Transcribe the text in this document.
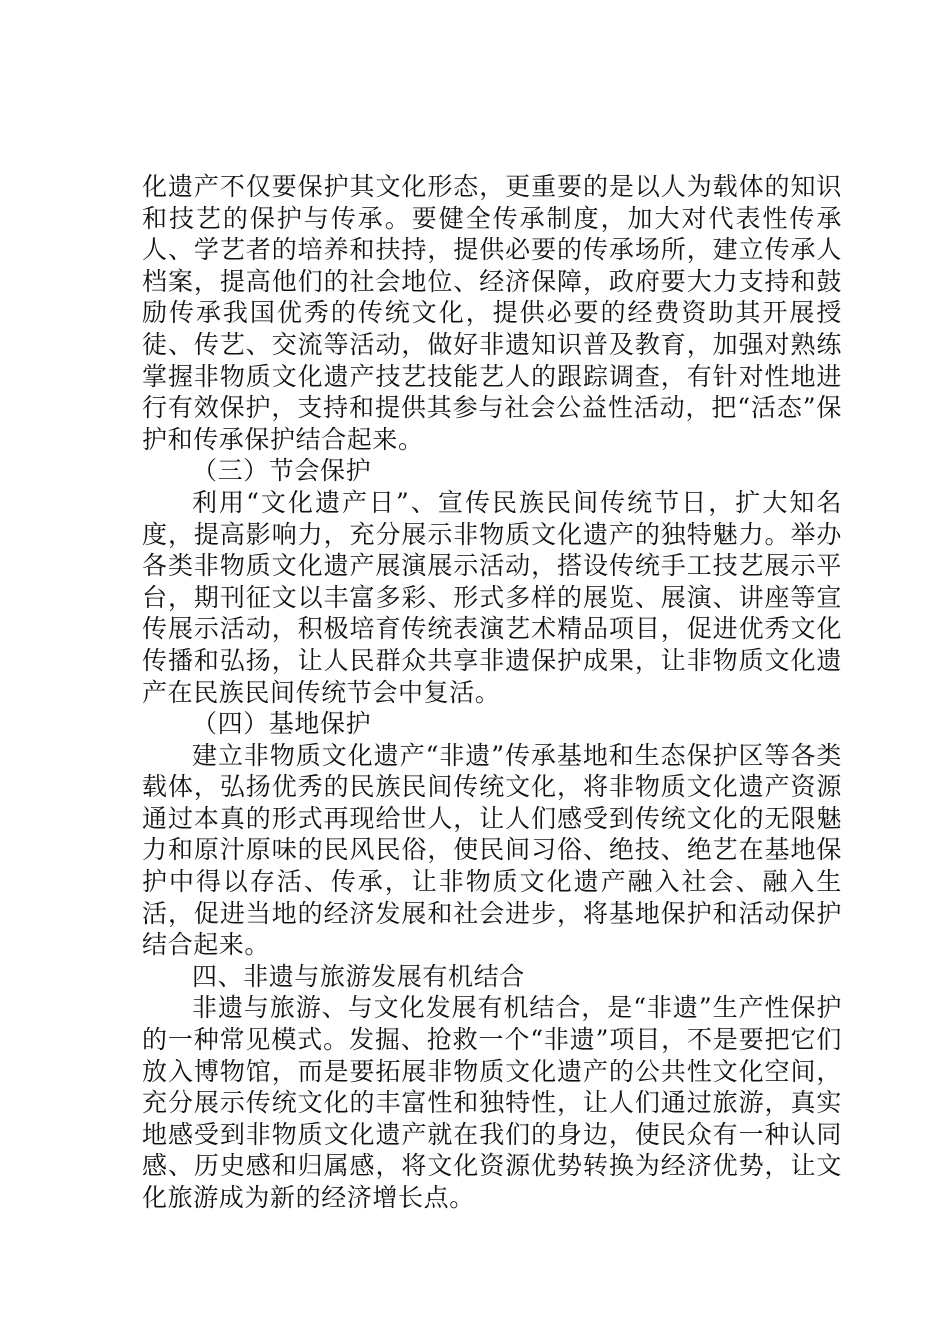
化遗产不仅要保护其文化形态，更重要的是以人为载体的知识和技艺的保护与传承。要健全传承制度，加大对代表性传承人、学艺者的培养和扶持，提供必要的传承场所，建立传承人档案，提高他们的社会地位、经济保障，政府要大力支持和鼓励传承我国优秀的传统文化，提供必要的经费资助其开展授徒、传艺、交流等活动，做好非遗知识普及教育，加强对熟练掌握非物质文化遗产技艺技能艺人的跟踪调查，有针对性地进行有效保护，支持和提供其参与社会公益性活动，把“活态”保护和传承保护结合起来。

（三）节会保护

利用“文化遗产日”、宣传民族民间传统节日，扩大知名度，提高影响力，充分展示非物质文化遗产的独特魅力。举办各类非物质文化遗产展演展示活动，搭设传统手工技艺展示平台，期刊征文以丰富多彩、形式多样的展览、展演、讲座等宣传展示活动，积极培育传统表演艺术精品项目，促进优秀文化传播和弘扬，让人民群众共享非遗保护成果，让非物质文化遗产在民族民间传统节会中复活。

（四）基地保护

建立非物质文化遗产“非遗”传承基地和生态保护区等各类载体，弘扬优秀的民族民间传统文化，将非物质文化遗产资源通过本真的形式再现给世人，让人们感受到传统文化的无限魅力和原汁原味的民风民俗，使民间习俗、绝技、绝艺在基地保护中得以存活、传承，让非物质文化遗产融入社会、融入生活，促进当地的经济发展和社会进步，将基地保护和活动保护结合起来。

四、非遗与旅游发展有机结合

非遗与旅游、与文化发展有机结合，是“非遗”生产性保护的一种常见模式。发掘、抢救一个“非遗”项目，不是要把它们放入博物馆，而是要拓展非物质文化遗产的公共性文化空间，充分展示传统文化的丰富性和独特性，让人们通过旅游，真实地感受到非物质文化遗产就在我们的身边，使民众有一种认同感、历史感和归属感，将文化资源优势转换为经济优势，让文化旅游成为新的经济增长点。
